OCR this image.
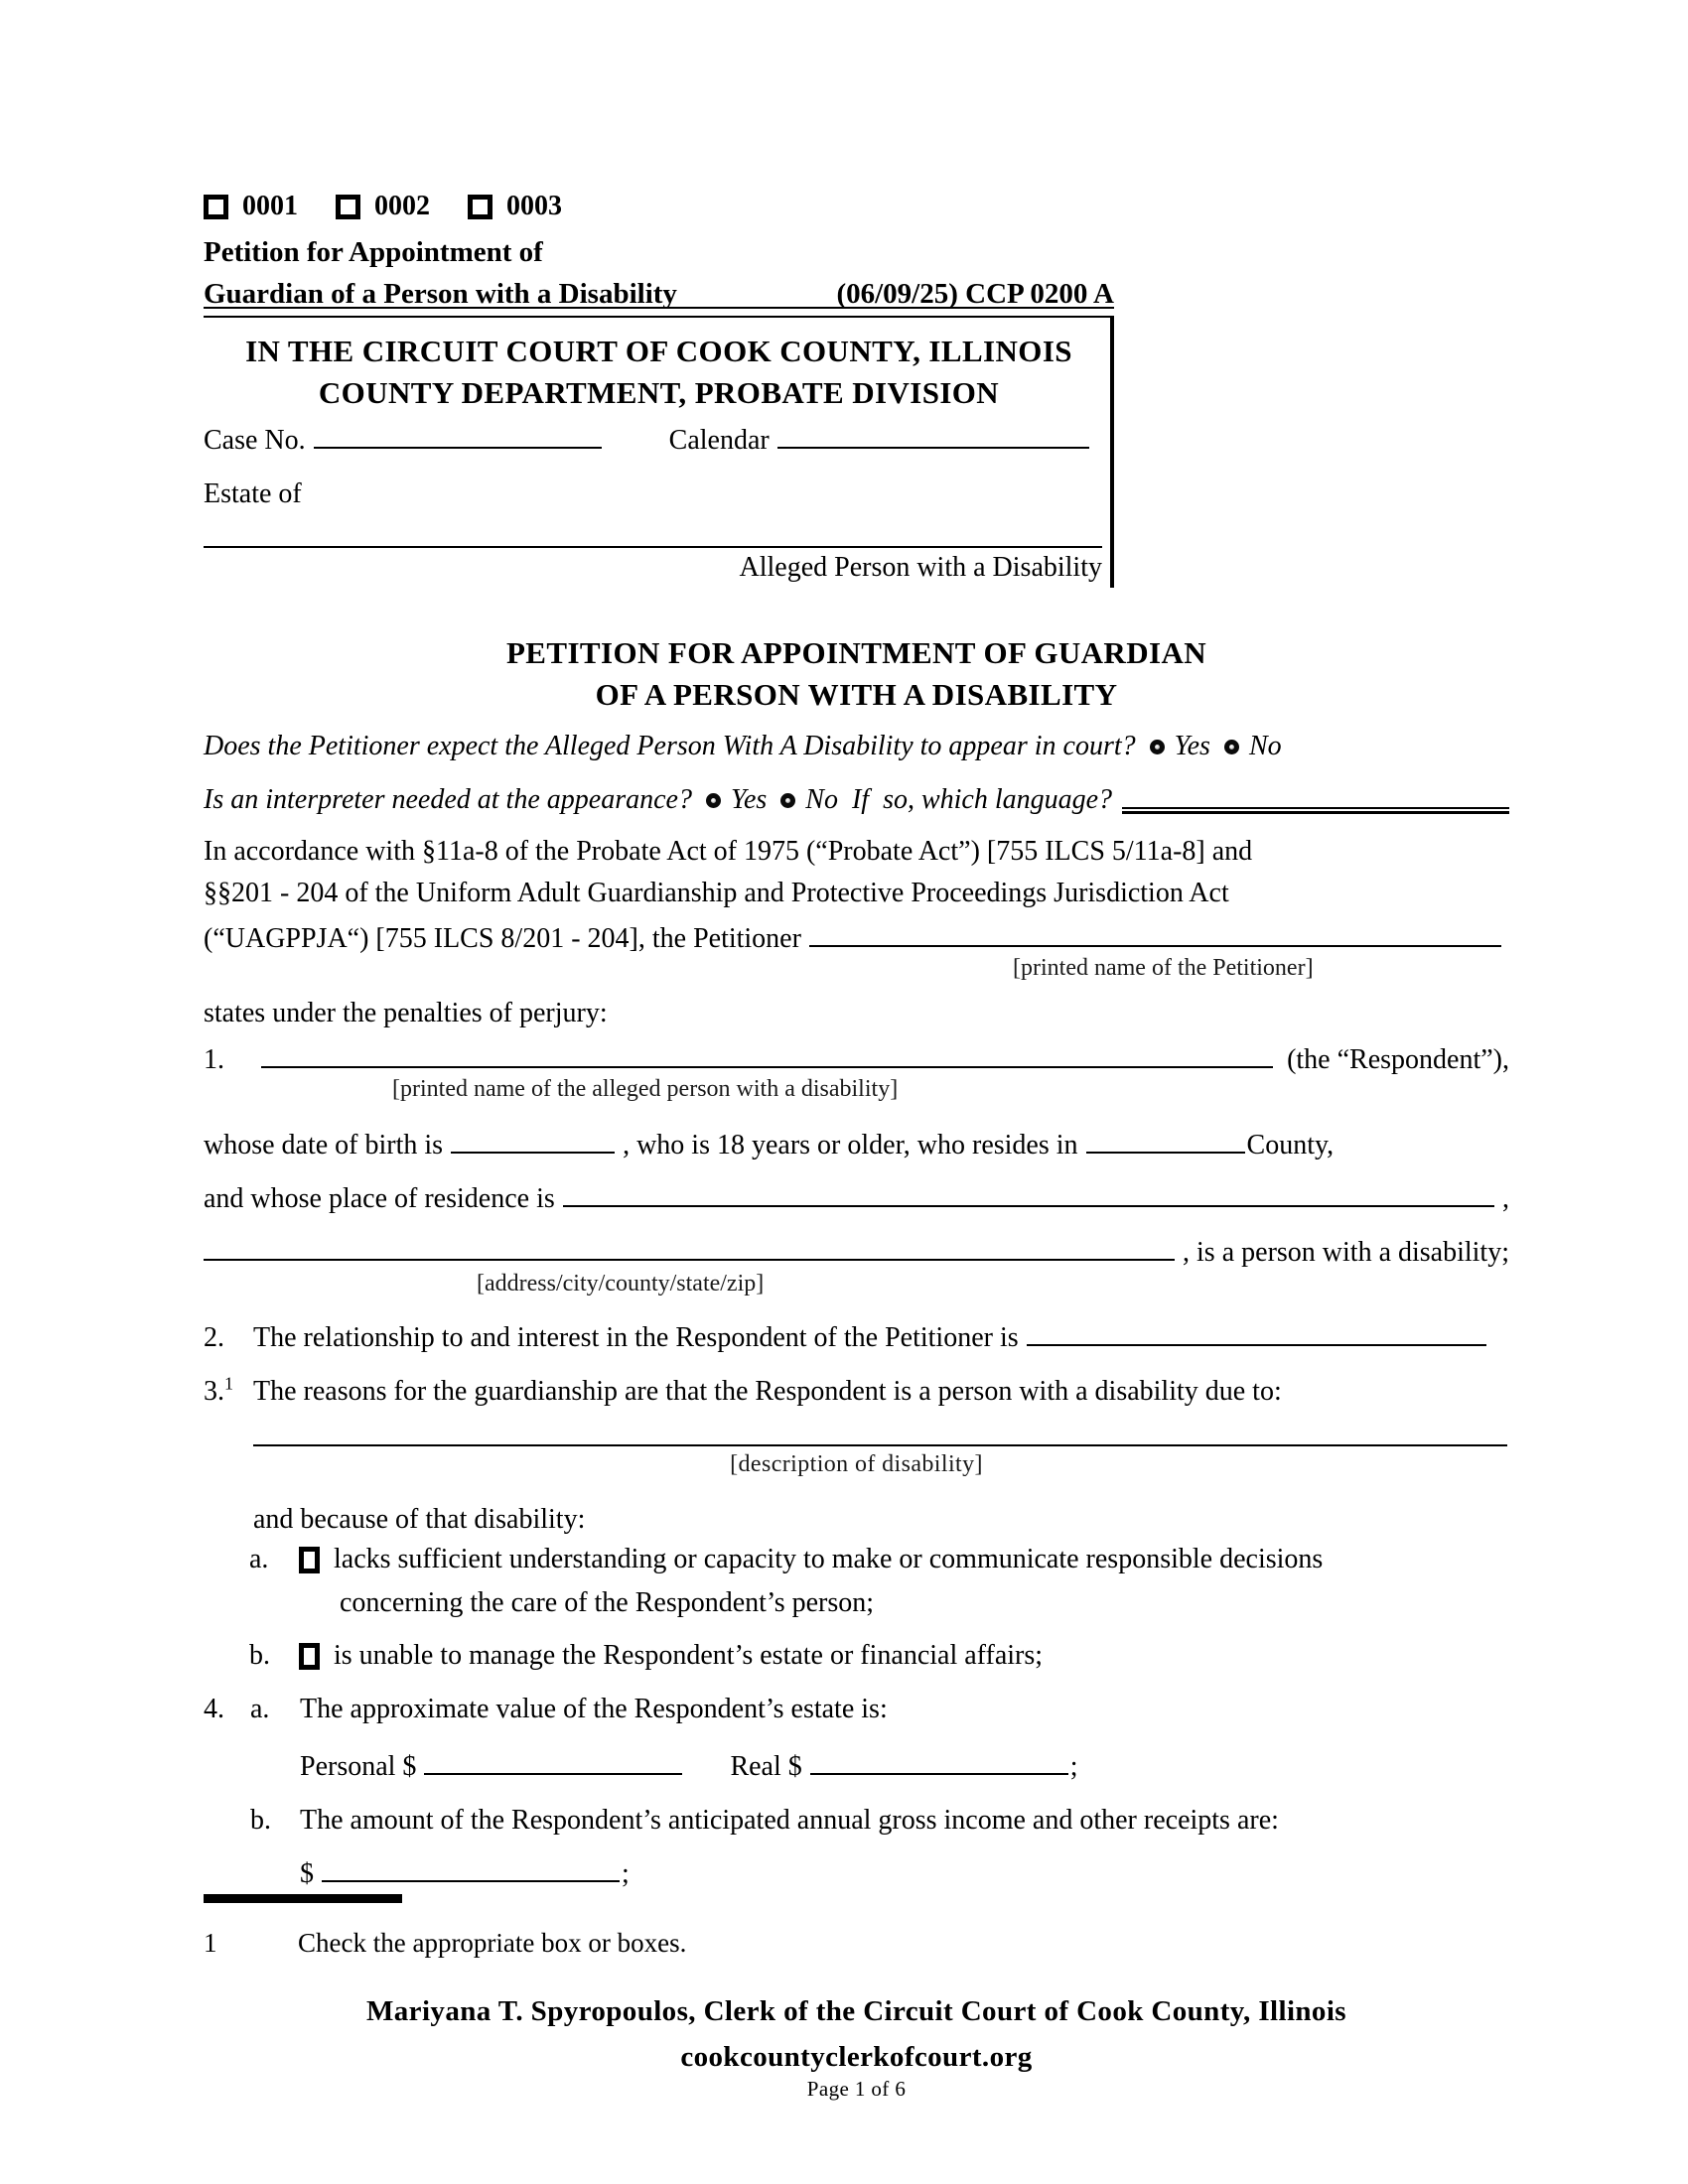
0001	0002	0003
Petition for Appointment of
Guardian of a Person with a Disability	(06/09/25) CCP 0200 A
IN THE CIRCUIT COURT OF COOK COUNTY, ILLINOIS
COUNTY DEPARTMENT, PROBATE DIVISION
Case No.	Calendar
Estate of
Alleged Person with a Disability
PETITION FOR APPOINTMENT OF GUARDIAN
OF A PERSON WITH A DISABILITY
Does the Petitioner expect the Alleged Person With A Disability to appear in court? Yes No
Is an interpreter needed at the appearance? Yes No If  so, which language?
In accordance with §11a-8 of the Probate Act of 1975 (“Probate Act”) [755 ILCS 5/11a-8] and
§§201 - 204 of the Uniform Adult Guardianship and Protective Proceedings Jurisdiction Act
(“UAGPPJA“) [755 ILCS 8/201 - 204], the Petitioner
[printed name of the Petitioner]
states under the penalties of perjury:
1.	(the “Respondent”),
[printed name of the alleged person with a disability]
whose date of birth is	, who is 18 years or older, who resides in	County,
and whose place of residence is	,
, is a person with a disability;
[address/city/county/state/zip]
2.	The relationship to and interest in the Respondent of the Petitioner is
3.$^1$ The reasons for the guardianship are that the Respondent is a person with a disability due to:
[description of disability]
and because of that disability:
a.	lacks sufficient understanding or capacity to make or communicate responsible decisions
concerning the care of the Respondent’s person;
b.	is unable to manage the Respondent’s estate or financial affairs;
4. a.	The approximate value of the Respondent’s estate is:
Personal $	Real $	;
b.	The amount of the Respondent’s anticipated annual gross income and other receipts are:
$	;
1	Check the appropriate box or boxes.
Mariyana T. Spyropoulos, Clerk of the Circuit Court of Cook County, Illinois
cookcountyclerkofcourt.org
Page 1 of 6
